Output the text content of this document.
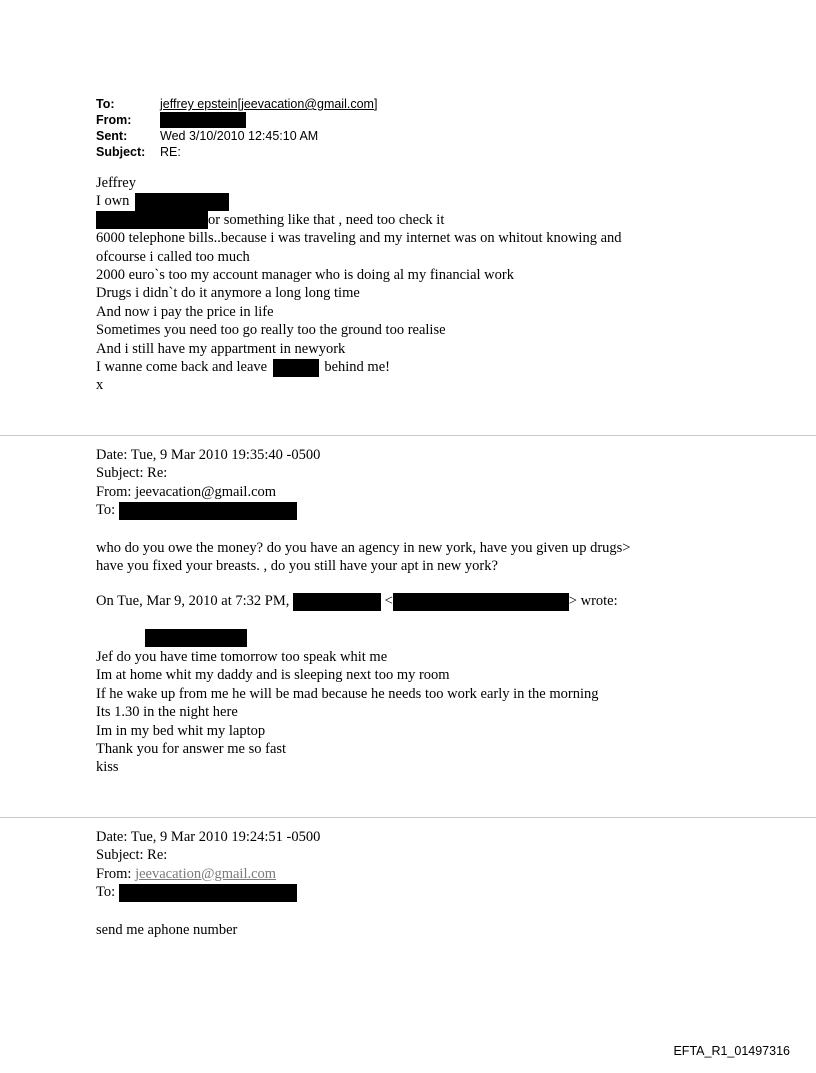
To:	jeffrey epstein[jeevacation@gmail.com]
From:
Sent:	Wed 3/10/2010 12:45:10 AM
Subject:	RE:
Jeffrey
I own
or something like that , need too check it
6000 telephone bills..because i was traveling and my internet was on whitout knowing and
ofcourse i called too much
2000 euro`s too my account manager who is doing al my financial work
Drugs i didn`t do it anymore a long long time
And now i pay the price in life
Sometimes you need too go really too the ground too realise
And i still have my appartment in newyork
I wanne come back and leave	behind me!
x
Date: Tue, 9 Mar 2010 19:35:40 -0500
Subject: Re:
From: jeevacation@gmail.com
To:
who do you owe the money? do you have an agency in new york, have you given up drugs>
have you fixed your breasts. , do you still have your apt in new york?
On Tue, Mar 9, 2010 at 7:32 PM,	<	> wrote:
Jef do you have time tomorrow too speak whit me
Im at home whit my daddy and is sleeping next too my room
If he wake up from me he will be mad because he needs too work early in the morning
Its 1.30 in the night here
Im in my bed whit my laptop
Thank you for answer me so fast
kiss
Date: Tue, 9 Mar 2010 19:24:51 -0500
Subject: Re:
From: jeevacation@gmail.com
To:
send me aphone number
EFTA_R1_01497316
